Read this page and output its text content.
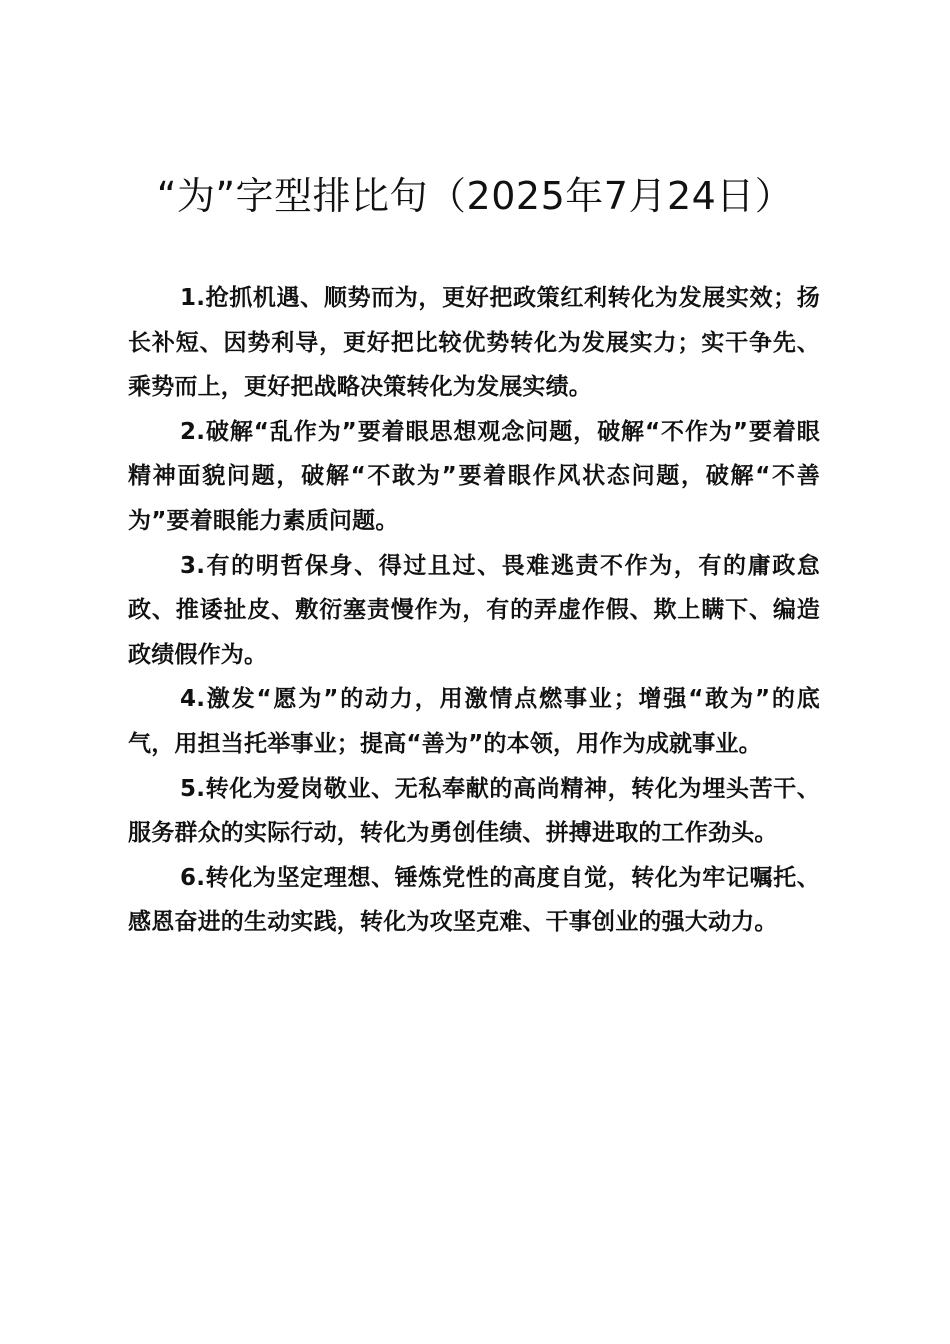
“为”字型排比句（2025年7月24日）

1.抢抓机遇、顺势而为，更好把政策红利转化为发展实效；扬长补短、因势利导，更好把比较优势转化为发展实力；实干争先、乘势而上，更好把战略决策转化为发展实绩。

2.破解“乱作为”要着眼思想观念问题，破解“不作为”要着眼精神面貌问题，破解“不敢为”要着眼作风状态问题，破解“不善为”要着眼能力素质问题。

3.有的明哲保身、得过且过、畏难逃责不作为，有的庸政怠政、推诿扯皮、敷衍塞责慢作为，有的弄虚作假、欺上瞒下、编造政绩假作为。

4.激发“愿为”的动力，用激情点燃事业；增强“敢为”的底气，用担当托举事业；提高“善为”的本领，用作为成就事业。

5.转化为爱岗敬业、无私奉献的高尚精神，转化为埋头苦干、服务群众的实际行动，转化为勇创佳绩、拼搏进取的工作劲头。

6.转化为坚定理想、锤炼党性的高度自觉，转化为牢记嘱托、感恩奋进的生动实践，转化为攻坚克难、干事创业的强大动力。
